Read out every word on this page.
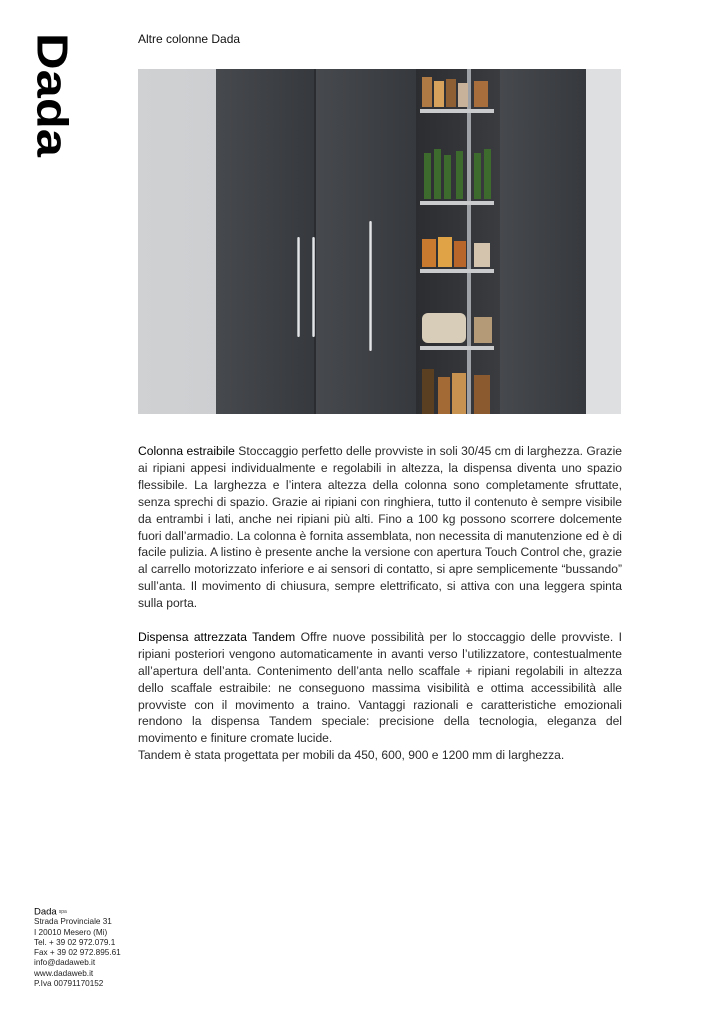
Dada	Altre colonne Dada

Colonna estraibile Stoccaggio perfetto delle provviste in soli 30/45 cm di larghezza. Grazie ai ripiani appesi individualmente e regolabili in altezza, la dispensa diventa uno spazio flessibile. La larghezza e l’intera altezza della colonna sono completamente sfruttate, senza sprechi di spazio. Grazie ai ripiani con ringhiera, tutto il contenuto è sempre visibile da entrambi i lati, anche nei ripiani più alti. Fino a 100 kg possono scorrere dolcemente fuori dall’armadio. La colonna è fornita assemblata, non necessita di manutenzione ed è di facile pulizia. A listino è presente anche la versione con apertura Touch Control che, grazie al carrello motorizzato inferiore e ai sensori di contatto, si apre semplicemente “bussando” sull’anta. Il movimento di chiusura, sempre elettrificato, si attiva con una leggera spinta sulla porta.

Dispensa attrezzata Tandem Offre nuove possibilità per lo stoccaggio delle provviste. I ripiani posteriori vengono automaticamente in avanti verso l’utilizzatore, contestualmente all’apertura dell’anta. Contenimento dell’anta nello scaffale + ripiani regolabili in altezza dello scaffale estraibile: ne conseguono massima visibilità e ottima accessibilità alle provviste con il movimento a traino. Vantaggi razionali e caratteristiche emozionali rendono la dispensa Tandem speciale: precisione della tecnologia, eleganza del movimento e finiture cromate lucide.
Tandem è stata progettata per mobili da 450, 600, 900 e 1200 mm di larghezza.

Dada spa
Strada Provinciale 31
I 20010 Mesero (Mi)
Tel. + 39 02 972.079.1
Fax + 39 02 972.895.61
info@dadaweb.it
www.dadaweb.it
P.Iva 00791170152
